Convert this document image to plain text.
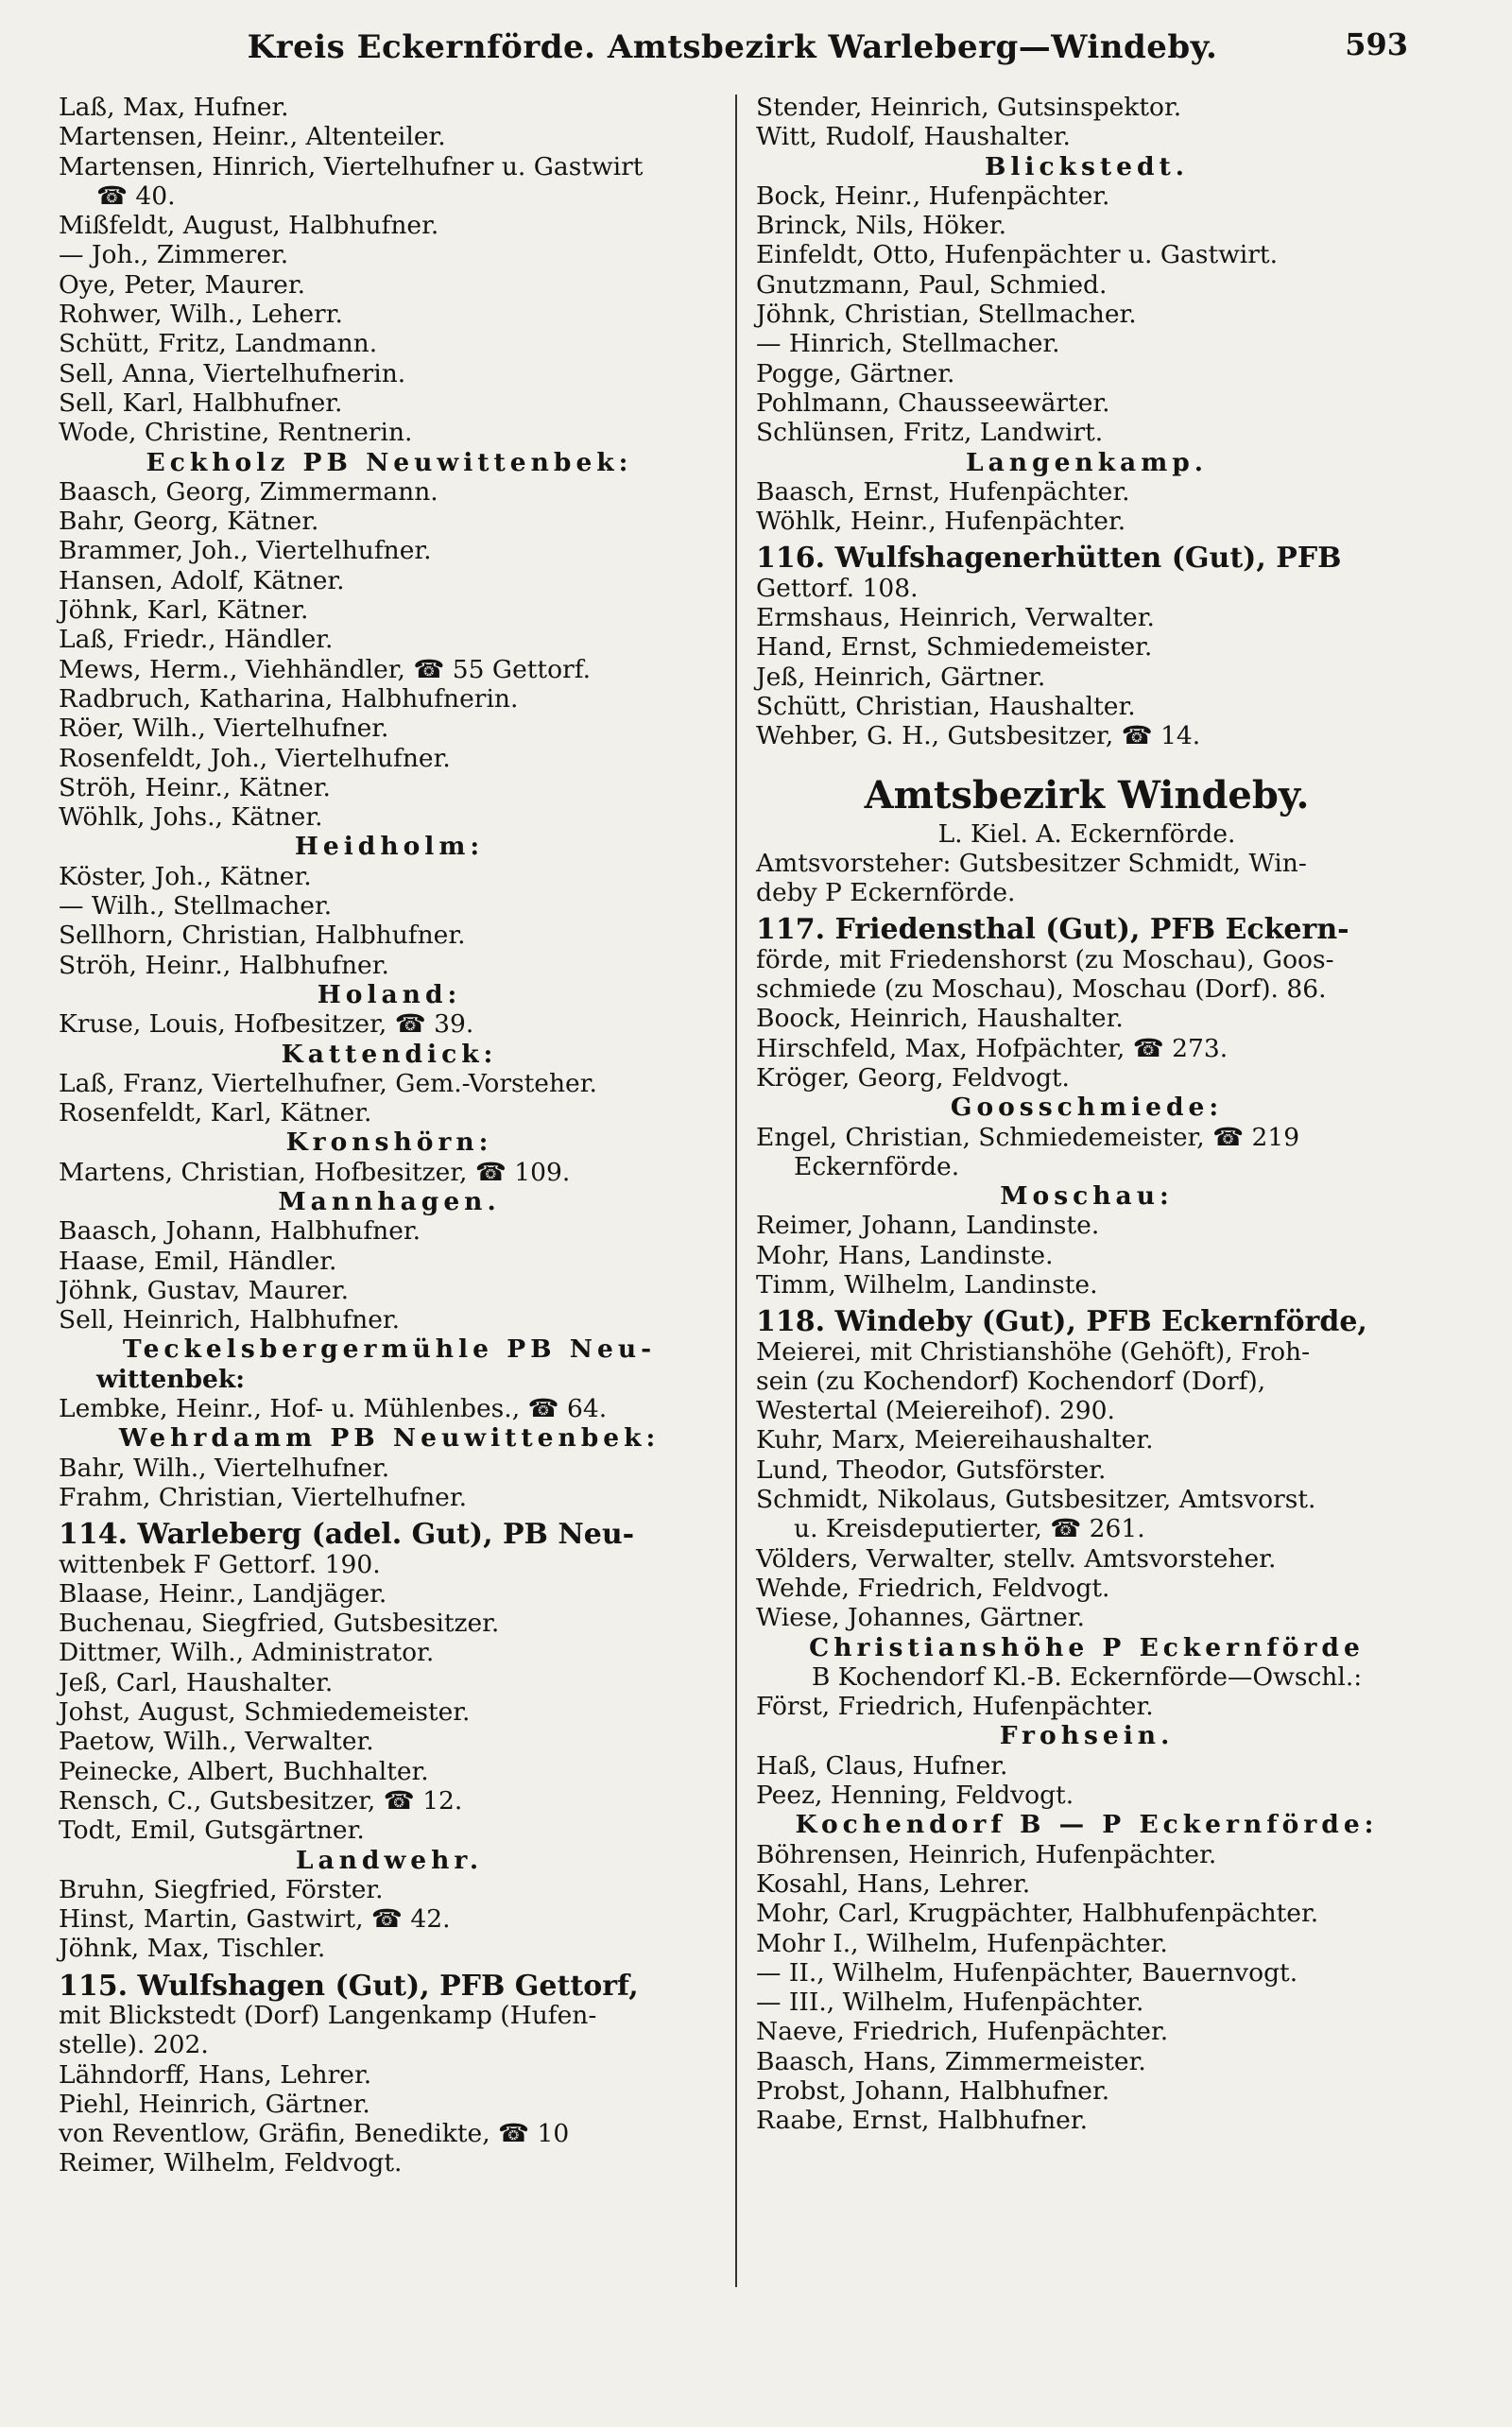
Kreis Eckernförde. Amtsbezirk Warleberg—Windeby.	593
Laß, Max, Hufner.
Martensen, Heinr., Altenteiler.
Martensen, Hinrich, Viertelhufner u. Gastwirt
☎ 40.
Mißfeldt, August, Halbhufner.
— Joh., Zimmerer.
Oye, Peter, Maurer.
Rohwer, Wilh., Leherr.
Schütt, Fritz, Landmann.
Sell, Anna, Viertelhufnerin.
Sell, Karl, Halbhufner.
Wode, Christine, Rentnerin.
Eckholz PB Neuwittenbek:
Baasch, Georg, Zimmermann.
Bahr, Georg, Kätner.
Brammer, Joh., Viertelhufner.
Hansen, Adolf, Kätner.
Jöhnk, Karl, Kätner.
Laß, Friedr., Händler.
Mews, Herm., Viehhändler, ☎ 55 Gettorf.
Radbruch, Katharina, Halbhufnerin.
Röer, Wilh., Viertelhufner.
Rosenfeldt, Joh., Viertelhufner.
Ströh, Heinr., Kätner.
Wöhlk, Johs., Kätner.
Heidholm:
Köster, Joh., Kätner.
— Wilh., Stellmacher.
Sellhorn, Christian, Halbhufner.
Ströh, Heinr., Halbhufner.
Holand:
Kruse, Louis, Hofbesitzer, ☎ 39.
Kattendick:
Laß, Franz, Viertelhufner, Gem.-Vorsteher.
Rosenfeldt, Karl, Kätner.
Kronshörn:
Martens, Christian, Hofbesitzer, ☎ 109.
Mannhagen.
Baasch, Johann, Halbhufner.
Haase, Emil, Händler.
Jöhnk, Gustav, Maurer.
Sell, Heinrich, Halbhufner.
Teckelsbergermühle PB Neu-
wittenbek:
Lembke, Heinr., Hof- u. Mühlenbes., ☎ 64.
Wehrdamm PB Neuwittenbek:
Bahr, Wilh., Viertelhufner.
Frahm, Christian, Viertelhufner.
114. Warleberg (adel. Gut), PB Neu-
wittenbek F Gettorf. 190.
Blaase, Heinr., Landjäger.
Buchenau, Siegfried, Gutsbesitzer.
Dittmer, Wilh., Administrator.
Jeß, Carl, Haushalter.
Johst, August, Schmiedemeister.
Paetow, Wilh., Verwalter.
Peinecke, Albert, Buchhalter.
Rensch, C., Gutsbesitzer, ☎ 12.
Todt, Emil, Gutsgärtner.
Landwehr.
Bruhn, Siegfried, Förster.
Hinst, Martin, Gastwirt, ☎ 42.
Jöhnk, Max, Tischler.
115. Wulfshagen (Gut), PFB Gettorf,
mit Blickstedt (Dorf) Langenkamp (Hufen-
stelle). 202.
Lähndorff, Hans, Lehrer.
Piehl, Heinrich, Gärtner.
von Reventlow, Gräfin, Benedikte, ☎ 10
Reimer, Wilhelm, Feldvogt.
Stender, Heinrich, Gutsinspektor.
Witt, Rudolf, Haushalter.
Blickstedt.
Bock, Heinr., Hufenpächter.
Brinck, Nils, Höker.
Einfeldt, Otto, Hufenpächter u. Gastwirt.
Gnutzmann, Paul, Schmied.
Jöhnk, Christian, Stellmacher.
— Hinrich, Stellmacher.
Pogge, Gärtner.
Pohlmann, Chausseewärter.
Schlünsen, Fritz, Landwirt.
Langenkamp.
Baasch, Ernst, Hufenpächter.
Wöhlk, Heinr., Hufenpächter.
116. Wulfshagenerhütten (Gut), PFB
Gettorf. 108.
Ermshaus, Heinrich, Verwalter.
Hand, Ernst, Schmiedemeister.
Jeß, Heinrich, Gärtner.
Schütt, Christian, Haushalter.
Wehber, G. H., Gutsbesitzer, ☎ 14.
Amtsbezirk Windeby.
L. Kiel. A. Eckernförde.
Amtsvorsteher: Gutsbesitzer Schmidt, Win-
deby P Eckernförde.
117. Friedensthal (Gut), PFB Eckern-
förde, mit Friedenshorst (zu Moschau), Goos-
schmiede (zu Moschau), Moschau (Dorf). 86.
Boock, Heinrich, Haushalter.
Hirschfeld, Max, Hofpächter, ☎ 273.
Kröger, Georg, Feldvogt.
Goosschmiede:
Engel, Christian, Schmiedemeister, ☎ 219
Eckernförde.
Moschau:
Reimer, Johann, Landinste.
Mohr, Hans, Landinste.
Timm, Wilhelm, Landinste.
118. Windeby (Gut), PFB Eckernförde,
Meierei, mit Christianshöhe (Gehöft), Froh-
sein (zu Kochendorf) Kochendorf (Dorf),
Westertal (Meiereihof). 290.
Kuhr, Marx, Meiereihaushalter.
Lund, Theodor, Gutsförster.
Schmidt, Nikolaus, Gutsbesitzer, Amtsvorst.
u. Kreisdeputierter, ☎ 261.
Völders, Verwalter, stellv. Amtsvorsteher.
Wehde, Friedrich, Feldvogt.
Wiese, Johannes, Gärtner.
Christianshöhe P Eckernförde
B Kochendorf Kl.-B. Eckernförde—Owschl.:
Först, Friedrich, Hufenpächter.
Frohsein.
Haß, Claus, Hufner.
Peez, Henning, Feldvogt.
Kochendorf B — P Eckernförde:
Böhrensen, Heinrich, Hufenpächter.
Kosahl, Hans, Lehrer.
Mohr, Carl, Krugpächter, Halbhufenpächter.
Mohr I., Wilhelm, Hufenpächter.
— II., Wilhelm, Hufenpächter, Bauernvogt.
— III., Wilhelm, Hufenpächter.
Naeve, Friedrich, Hufenpächter.
Baasch, Hans, Zimmermeister.
Probst, Johann, Halbhufner.
Raabe, Ernst, Halbhufner.
